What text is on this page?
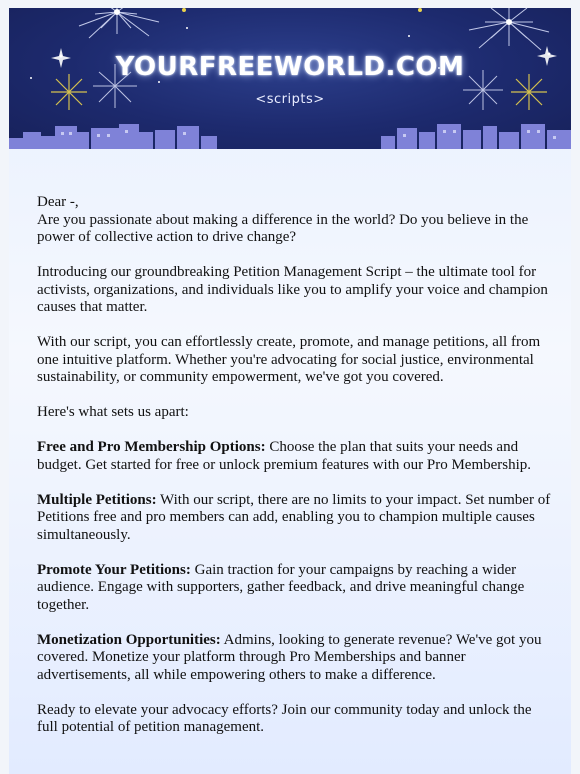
YOURFREEWORLD.COM
<scripts>

Dear -,

Are you passionate about making a difference in the world? Do you believe in the power of collective action to drive change?

Introducing our groundbreaking Petition Management Script – the ultimate tool for activists, organizations, and individuals like you to amplify your voice and champion causes that matter.

With our script, you can effortlessly create, promote, and manage petitions, all from one intuitive platform. Whether you're advocating for social justice, environmental sustainability, or community empowerment, we've got you covered.

Here's what sets us apart:

Free and Pro Membership Options: Choose the plan that suits your needs and budget. Get started for free or unlock premium features with our Pro Membership.

Multiple Petitions: With our script, there are no limits to your impact. Set number of Petitions free and pro members can add, enabling you to champion multiple causes simultaneously.

Promote Your Petitions: Gain traction for your campaigns by reaching a wider audience. Engage with supporters, gather feedback, and drive meaningful change together.

Monetization Opportunities: Admins, looking to generate revenue? We've got you covered. Monetize your platform through Pro Memberships and banner advertisements, all while empowering others to make a difference.

Ready to elevate your advocacy efforts? Join our community today and unlock the full potential of petition management.
